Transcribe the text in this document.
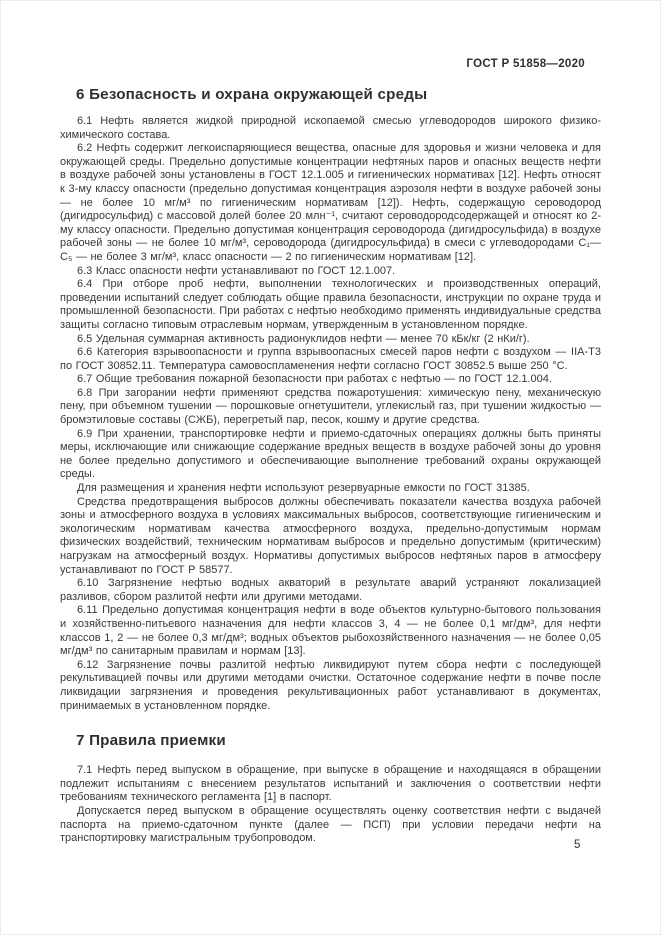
ГОСТ Р 51858—2020
6 Безопасность и охрана окружающей среды

6.1 Нефть является жидкой природной ископаемой смесью углеводородов широкого физико-химического состава.

6.2 Нефть содержит легкоиспаряющиеся вещества, опасные для здоровья и жизни человека и для окружающей среды. Предельно допустимые концентрации нефтяных паров и опасных веществ нефти в воздухе рабочей зоны установлены в ГОСТ 12.1.005 и гигиенических нормативах [12]. Нефть относят к 3-му классу опасности (предельно допустимая концентрация аэрозоля нефти в воздухе рабочей зоны — не более 10 мг/м³ по гигиеническим нормативам [12]). Нефть, содержащую сероводород (дигидросульфид) с массовой долей более 20 млн⁻¹, считают сероводородсодержащей и относят ко 2-му классу опасности. Предельно допустимая концентрация сероводорода (дигидросульфида) в воздухе рабочей зоны — не более 10 мг/м³, сероводорода (дигидросульфида) в смеси с углеводородами С₁—С₅ — не более 3 мг/м³, класс опасности — 2 по гигиеническим нормативам [12].

6.3 Класс опасности нефти устанавливают по ГОСТ 12.1.007.

6.4 При отборе проб нефти, выполнении технологических и производственных операций, проведении испытаний следует соблюдать общие правила безопасности, инструкции по охране труда и промышленной безопасности. При работах с нефтью необходимо применять индивидуальные средства защиты согласно типовым отраслевым нормам, утвержденным в установленном порядке.

6.5 Удельная суммарная активность радионуклидов нефти — менее 70 кБк/кг (2 нКи/г).

6.6 Категория взрывоопасности и группа взрывоопасных смесей паров нефти с воздухом — IIA-Т3 по ГОСТ 30852.11. Температура самовоспламенения нефти согласно ГОСТ 30852.5 выше 250 °С.

6.7 Общие требования пожарной безопасности при работах с нефтью — по ГОСТ 12.1.004.

6.8 При загорании нефти применяют средства пожаротушения: химическую пену, механическую пену, при объемном тушении — порошковые огнетушители, углекислый газ, при тушении жидкостью — бромэтиловые составы (СЖБ), перегретый пар, песок, кошму и другие средства.

6.9 При хранении, транспортировке нефти и приемо-сдаточных операциях должны быть приняты меры, исключающие или снижающие содержание вредных веществ в воздухе рабочей зоны до уровня не более предельно допустимого и обеспечивающие выполнение требований охраны окружающей среды.

Для размещения и хранения нефти используют резервуарные емкости по ГОСТ 31385.

Средства предотвращения выбросов должны обеспечивать показатели качества воздуха рабочей зоны и атмосферного воздуха в условиях максимальных выбросов, соответствующие гигиеническим и экологическим нормативам качества атмосферного воздуха, предельно-допустимым нормам физических воздействий, техническим нормативам выбросов и предельно допустимым (критическим) нагрузкам на атмосферный воздух. Нормативы допустимых выбросов нефтяных паров в атмосферу устанавливают по ГОСТ Р 58577.

6.10 Загрязнение нефтью водных акваторий в результате аварий устраняют локализацией разливов, сбором разлитой нефти или другими методами.

6.11 Предельно допустимая концентрация нефти в воде объектов культурно-бытового пользования и хозяйственно-питьевого назначения для нефти классов 3, 4 — не более 0,1 мг/дм³, для нефти классов 1, 2 — не более 0,3 мг/дм³; водных объектов рыбохозяйственного назначения — не более 0,05 мг/дм³ по санитарным правилам и нормам [13].

6.12 Загрязнение почвы разлитой нефтью ликвидируют путем сбора нефти с последующей рекультивацией почвы или другими методами очистки. Остаточное содержание нефти в почве после ликвидации загрязнения и проведения рекультивационных работ устанавливают в документах, принимаемых в установленном порядке.

7 Правила приемки

7.1 Нефть перед выпуском в обращение, при выпуске в обращение и находящаяся в обращении подлежит испытаниям с внесением результатов испытаний и заключения о соответствии нефти требованиям технического регламента [1] в паспорт.

Допускается перед выпуском в обращение осуществлять оценку соответствия нефти с выдачей паспорта на приемо-сдаточном пункте (далее — ПСП) при условии передачи нефти на транспортировку магистральным трубопроводом.

5
